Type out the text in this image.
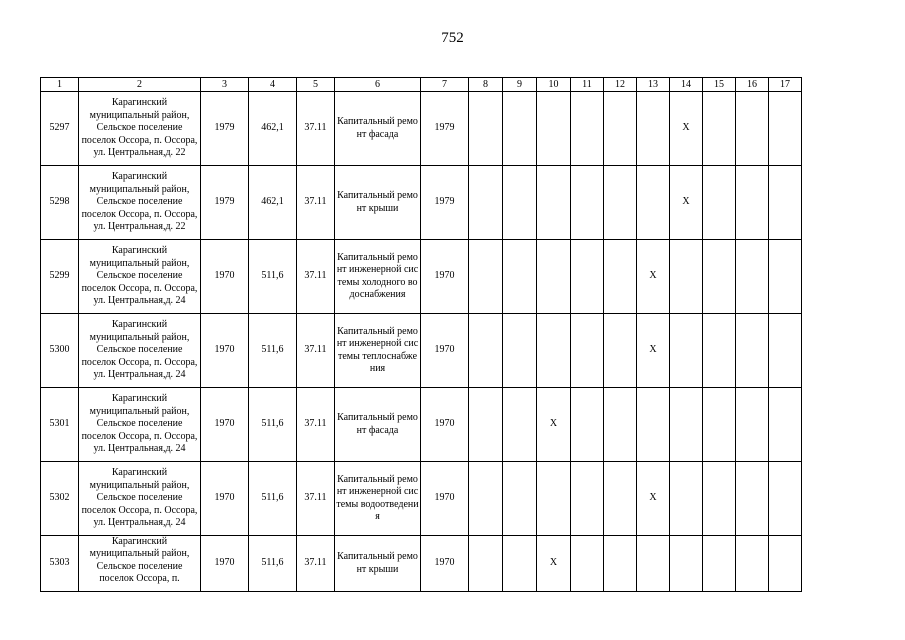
752
1	2	3	4	5	6	7	8	9	10	11	12	13	14	15	16	17
5297	Карагинский муниципальный район, Сельское поселение поселок Оссора, п. Оссора, ул. Центральная,д. 22	1979	462,1	37.11	Капитальный ремонт фасада	1979							X			
5298	Карагинский муниципальный район, Сельское поселение поселок Оссора, п. Оссора, ул. Центральная,д. 22	1979	462,1	37.11	Капитальный ремонт крыши	1979							X			
5299	Карагинский муниципальный район, Сельское поселение поселок Оссора, п. Оссора, ул. Центральная,д. 24	1970	511,6	37.11	Капитальный ремонт инженерной системы холодного водоснабжения	1970						X				
5300	Карагинский муниципальный район, Сельское поселение поселок Оссора, п. Оссора, ул. Центральная,д. 24	1970	511,6	37.11	Капитальный ремонт инженерной системы теплоснабжения	1970						X				
5301	Карагинский муниципальный район, Сельское поселение поселок Оссора, п. Оссора, ул. Центральная,д. 24	1970	511,6	37.11	Капитальный ремонт фасада	1970			X							
5302	Карагинский муниципальный район, Сельское поселение поселок Оссора, п. Оссора, ул. Центральная,д. 24	1970	511,6	37.11	Капитальный ремонт инженерной системы водоотведения	1970						X				
5303	Карагинский муниципальный район, Сельское поселение поселок Оссора, п.	1970	511,6	37.11	Капитальный ремонт крыши	1970			X							
